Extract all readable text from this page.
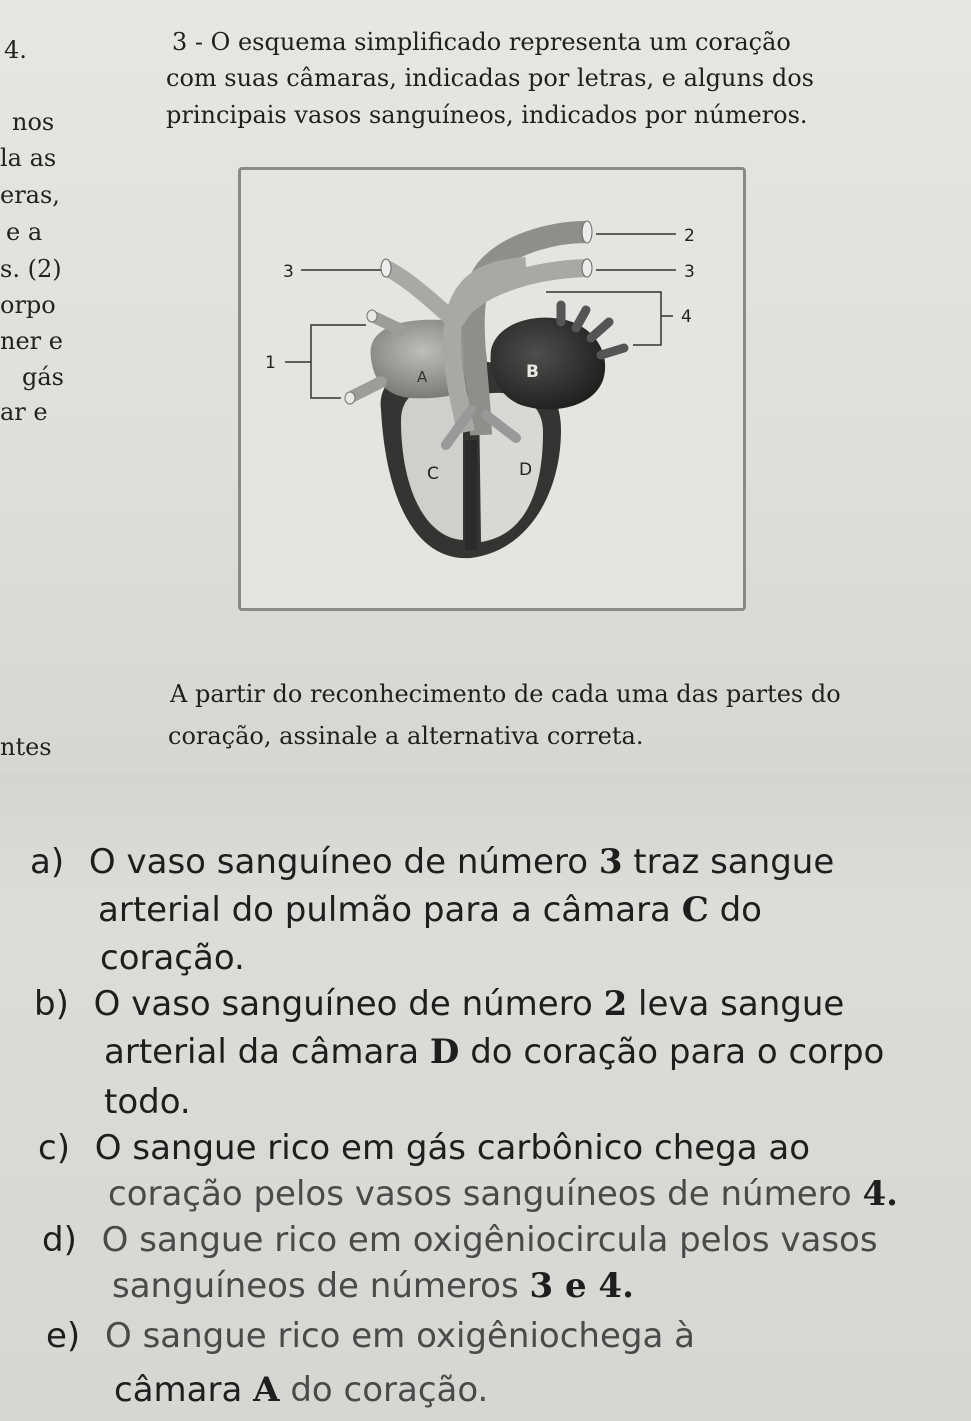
4.
nos
la as
eras,
e a
s. (2)
orpo
ner e
gás
ar e
ntes
3 - O esquema simplificado representa um coração
com suas câmaras, indicadas por letras, e alguns dos
principais vasos sanguíneos, indicados por números.
2
3	3
4
1
A	B
C	D
A partir do reconhecimento de cada uma das partes do
coração, assinale a alternativa correta.
a) O vaso sanguíneo de número 3 traz sangue
arterial do pulmão para a câmara C do
coração.
b) O vaso sanguíneo de número 2 leva sangue
arterial da câmara D do coração para o corpo
todo.
c) O sangue rico em gás carbônico chega ao
coração pelos vasos sanguíneos de número 4.
d) O sangue rico em oxigêniocircula pelos vasos
sanguíneos de números 3 e 4.
e) O sangue rico em oxigêniochega à
câmara A do coração.
